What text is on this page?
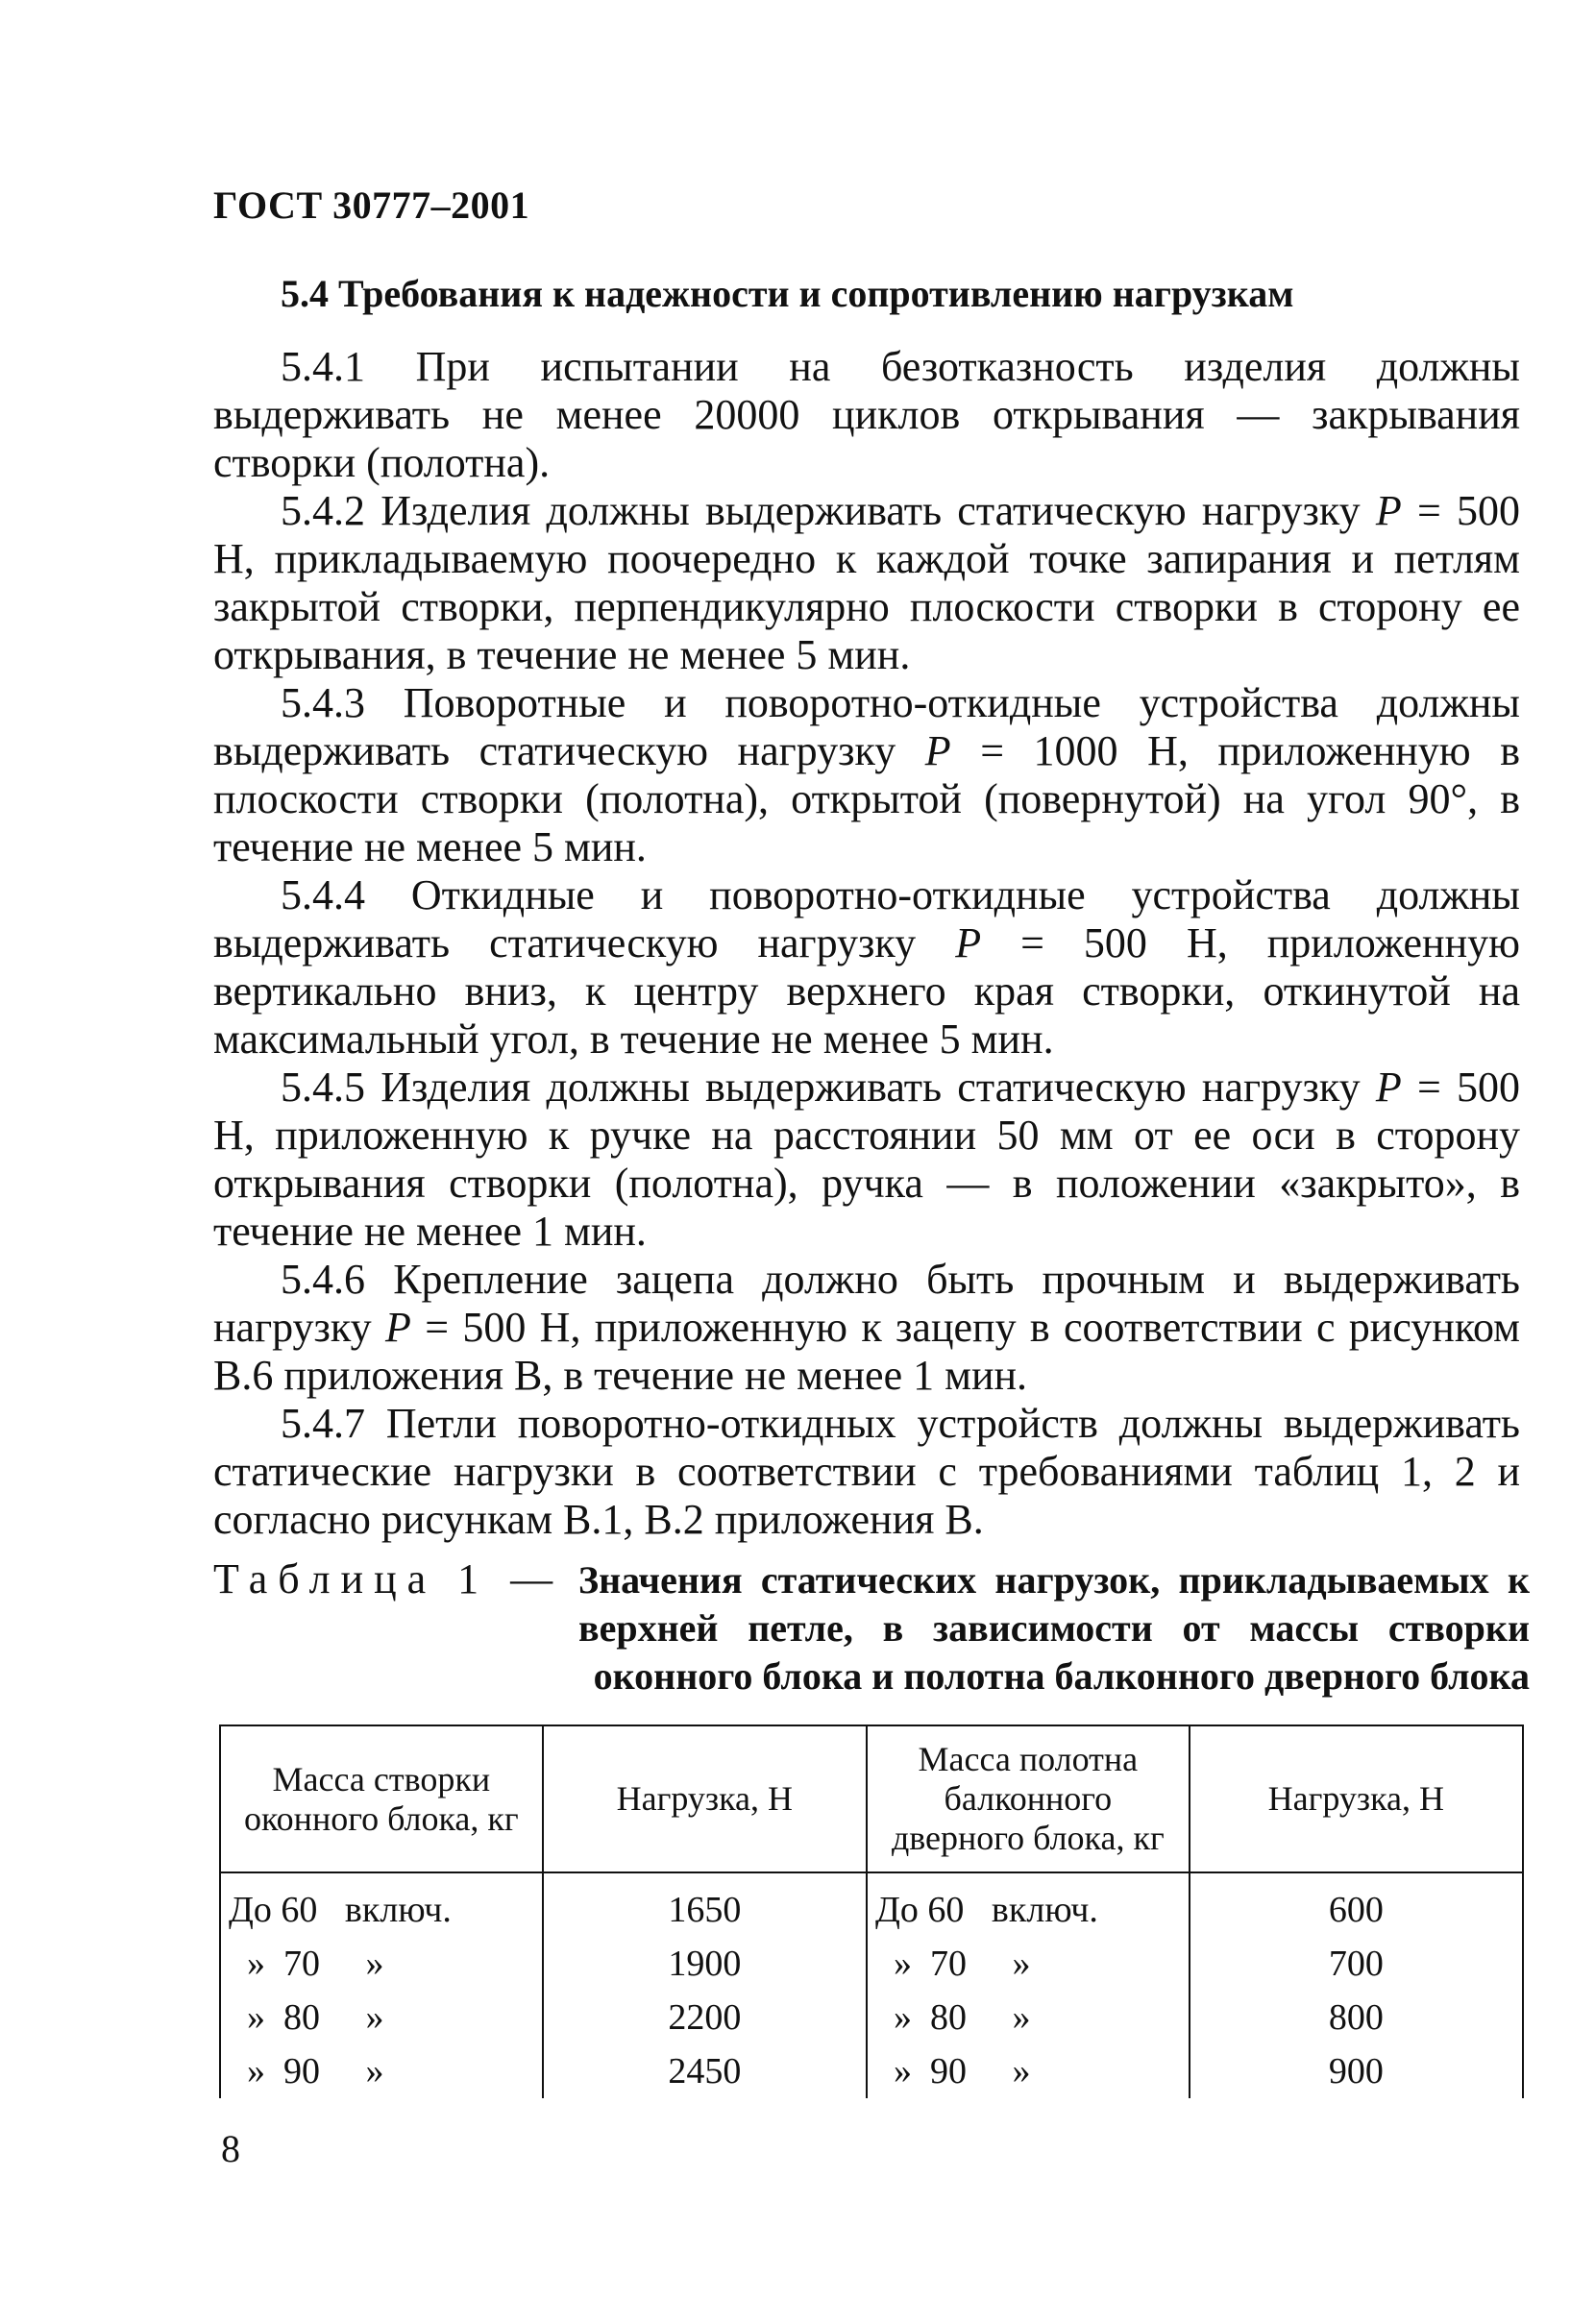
ГОСТ 30777–2001
5.4 Требования к надежности и сопротивлению нагрузкам
5.4.1 При испытании на безотказность изделия должны выдерживать не менее 20000 циклов открывания — закрывания створки (полотна).
5.4.2 Изделия должны выдерживать статическую нагрузку P = 500 Н, прикладываемую поочередно к каждой точке запирания и петлям закрытой створки, перпендикулярно плоскости створки в сторону ее открывания, в течение не менее 5 мин.
5.4.3 Поворотные и поворотно-откидные устройства должны выдерживать статическую нагрузку P = 1000 Н, приложенную в плоскости створки (полотна), открытой (повернутой) на угол 90°, в течение не менее 5 мин.
5.4.4 Откидные и поворотно-откидные устройства должны выдерживать статическую нагрузку P = 500 Н, приложенную вертикально вниз, к центру верхнего края створки, откинутой на максимальный угол, в течение не менее 5 мин.
5.4.5 Изделия должны выдерживать статическую нагрузку P = 500 Н, приложенную к ручке на расстоянии 50 мм от ее оси в сторону открывания створки (полотна), ручка — в положении «закрыто», в течение не менее 1 мин.
5.4.6 Крепление зацепа должно быть прочным и выдерживать нагрузку P = 500 Н, приложенную к зацепу в соответствии с рисунком В.6 приложения В, в течение не менее 1 мин.
5.4.7 Петли поворотно-откидных устройств должны выдерживать статические нагрузки в соответствии с требованиями таблиц 1, 2 и согласно рисункам В.1, В.2 приложения В.
Таблица 1 — Значения статических нагрузок, прикладываемых к верхней петле, в зависимости от массы створки оконного блока и полотна балконного дверного блока
Масса створки оконного блока, кг	Нагрузка, Н	Масса полотна балконного дверного блока, кг	Нагрузка, Н
До 60   включ.	1650	До 60   включ.	600
»  70     »	1900	»  70     »	700
»  80     »	2200	»  80     »	800
»  90     »	2450	»  90     »	900
8
